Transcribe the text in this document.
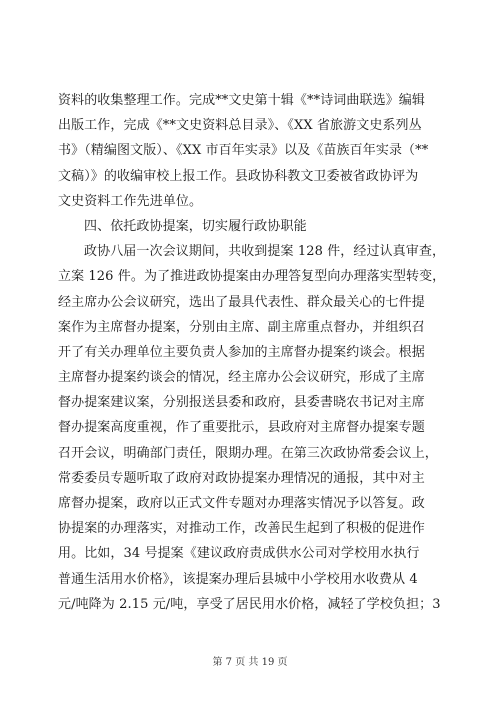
资料的收集整理工作。完成**文史第十辑《**诗词曲联选》编辑
出版工作，完成《**文史资料总目录》、《XX 省旅游文史系列丛
书》（精编图文版）、《XX 市百年实录》以及《苗族百年实录（**
文稿）》的收编审校上报工作。县政协科教文卫委被省政协评为
文史资料工作先进单位。
四、依托政协提案，切实履行政协职能
政协八届一次会议期间，共收到提案 128 件，经过认真审查，
立案 126 件。为了推进政协提案由办理答复型向办理落实型转变，
经主席办公会议研究，选出了最具代表性、群众最关心的七件提
案作为主席督办提案，分别由主席、副主席重点督办，并组织召
开了有关办理单位主要负责人参加的主席督办提案约谈会。根据
主席督办提案约谈会的情况，经主席办公会议研究，形成了主席
督办提案建议案，分别报送县委和政府，县委書晓农书记对主席
督办提案高度重视，作了重要批示，县政府对主席督办提案专题
召开会议，明确部门责任，限期办理。在第三次政协常委会议上，
常委委员专题听取了政府对政协提案办理情况的通报，其中对主
席督办提案，政府以正式文件专题对办理落实情况予以答复。政
协提案的办理落实，对推动工作，改善民生起到了积极的促进作
用。比如，34 号提案《建议政府责成供水公司对学校用水执行
普通生活用水价格》，该提案办理后县城中小学校用水收费从 4
元/吨降为 2.15 元/吨，享受了居民用水价格，减轻了学校负担；3
第 7 页 共 19 页
